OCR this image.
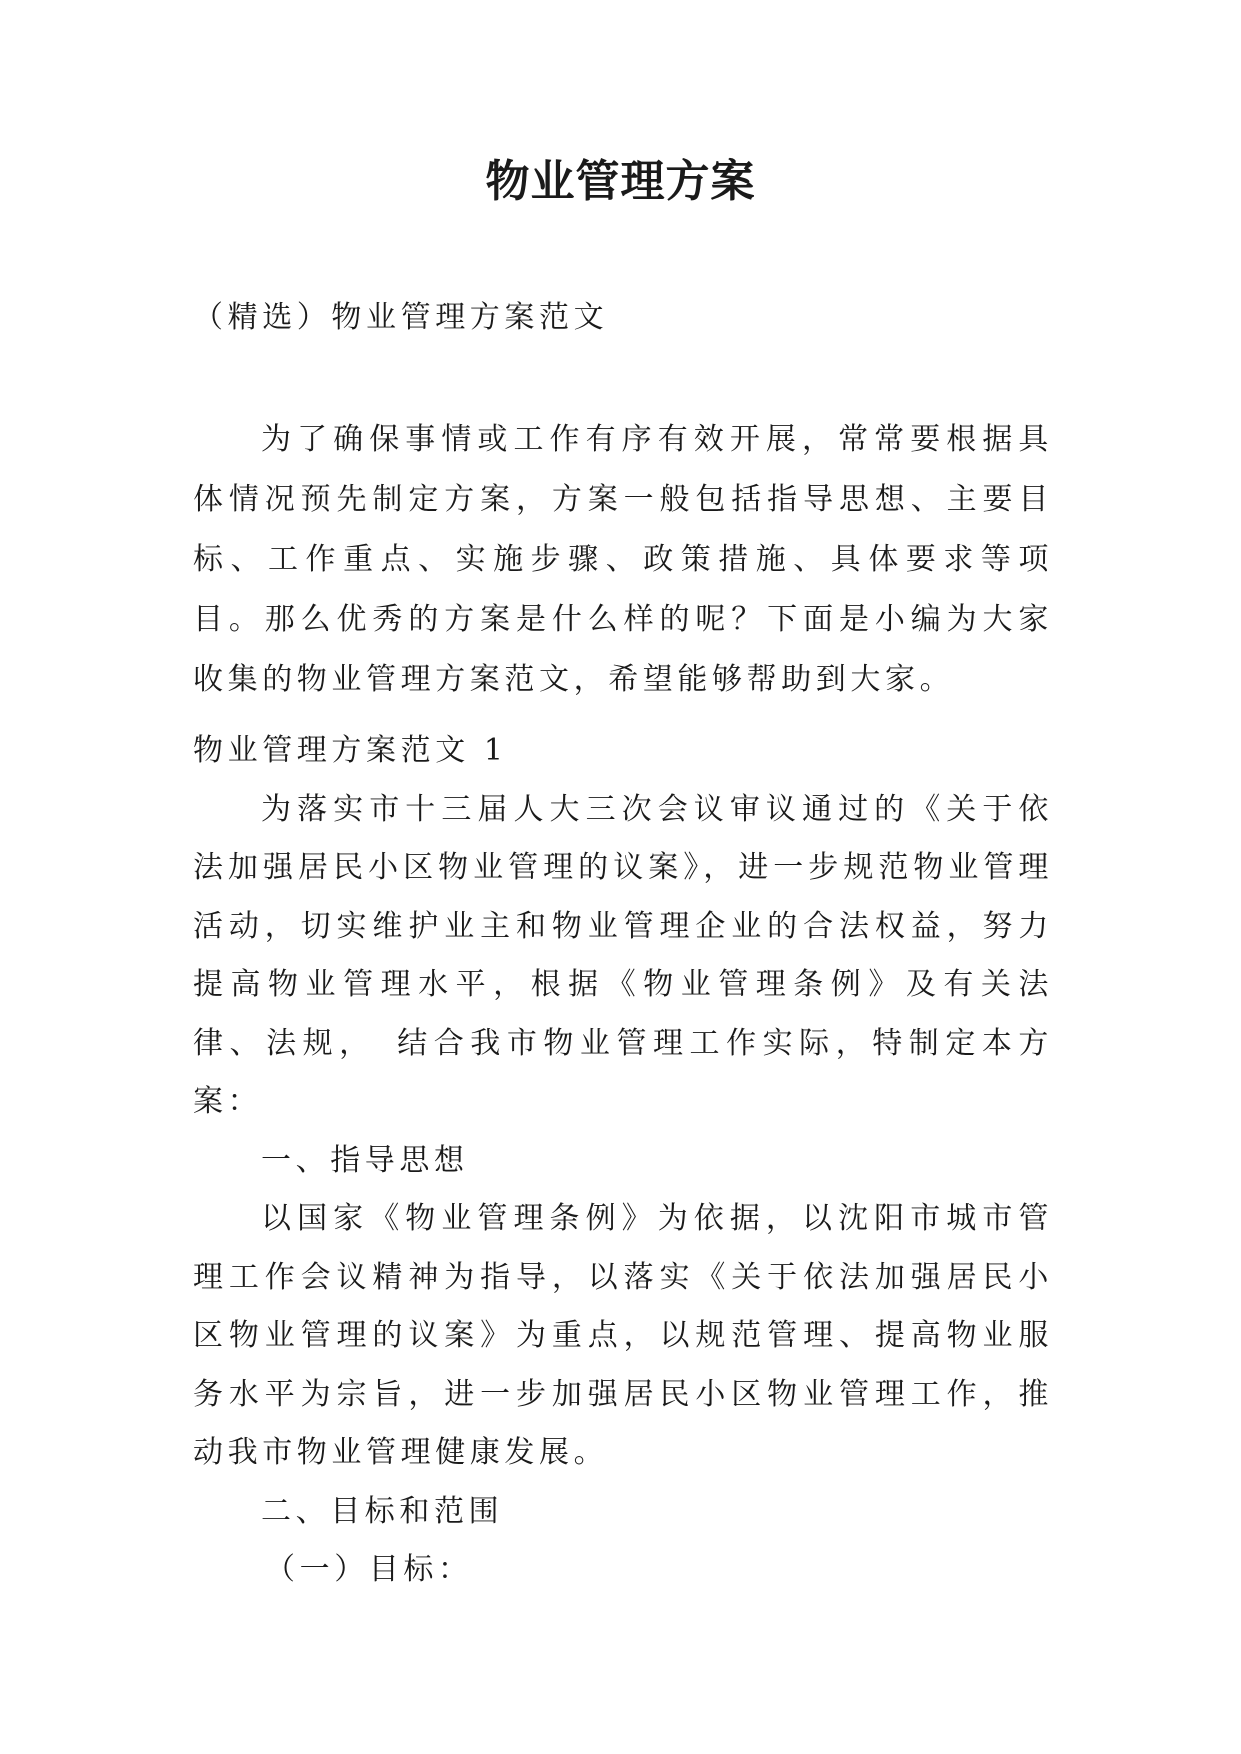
物业管理方案

（精选）物业管理方案范文

为了确保事情或工作有序有效开展，常常要根据具体情况预先制定方案，方案一般包括指导思想、主要目标、工作重点、实施步骤、政策措施、具体要求等项目。那么优秀的方案是什么样的呢？下面是小编为大家收集的物业管理方案范文，希望能够帮助到大家。

物业管理方案范文 1

为落实市十三届人大三次会议审议通过的《关于依法加强居民小区物业管理的议案》，进一步规范物业管理活动，切实维护业主和物业管理企业的合法权益，努力提高物业管理水平，根据《物业管理条例》及有关法律、法规，　结合我市物业管理工作实际，特制定本方案：

一、指导思想

以国家《物业管理条例》为依据，以沈阳市城市管理工作会议精神为指导，以落实《关于依法加强居民小区物业管理的议案》为重点，以规范管理、提高物业服务水平为宗旨，进一步加强居民小区物业管理工作，推动我市物业管理健康发展。

二、目标和范围

（一）目标：
